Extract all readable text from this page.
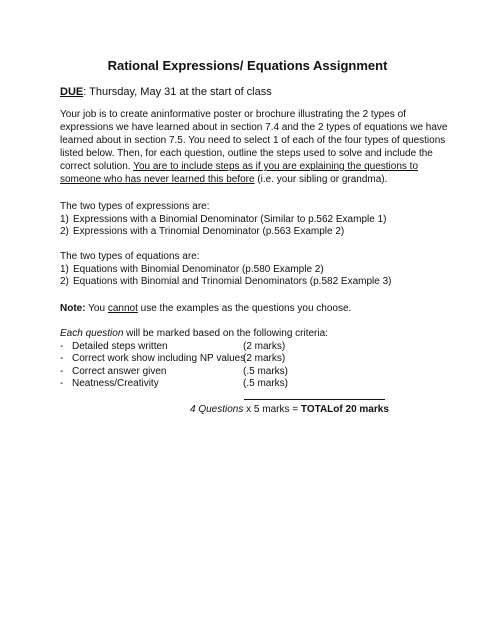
Rational Expressions/ Equations Assignment
DUE: Thursday, May 31 at the start of class

Your job is to create aninformative poster or brochure illustrating the 2 types of

expressions we have learned about in section 7.4 and the 2 types of equations we have

learned about in section 7.5. You need to select 1 of each of the four types of questions

listed below. Then, for each question, outline the steps used to solve and include the

correct solution. You are to include steps as if you are explaining the questions to

someone who has never learned this before (i.e. your sibling or grandma).

The two types of expressions are:

1) Expressions with a Binomial Denominator (Similar to p.562 Example 1)
2) Expressions with a Trinomial Denominator (p.563 Example 2)

The two types of equations are:

1) Equations with Binomial Denominator (p.580 Example 2)
2) Equations with Binomial and Trinomial Denominators (p.582 Example 3)
Note: You cannot use the examples as the questions you choose.

Each question will be marked based on the following criteria:

- Detailed steps written	(2 marks)
- Correct work show including NP values
(2 marks)
- Correct answer given	(.5 marks)
- Neatness/Creativity	(.5 marks)
4 Questions x 5 marks = TOTALof 20 marks
